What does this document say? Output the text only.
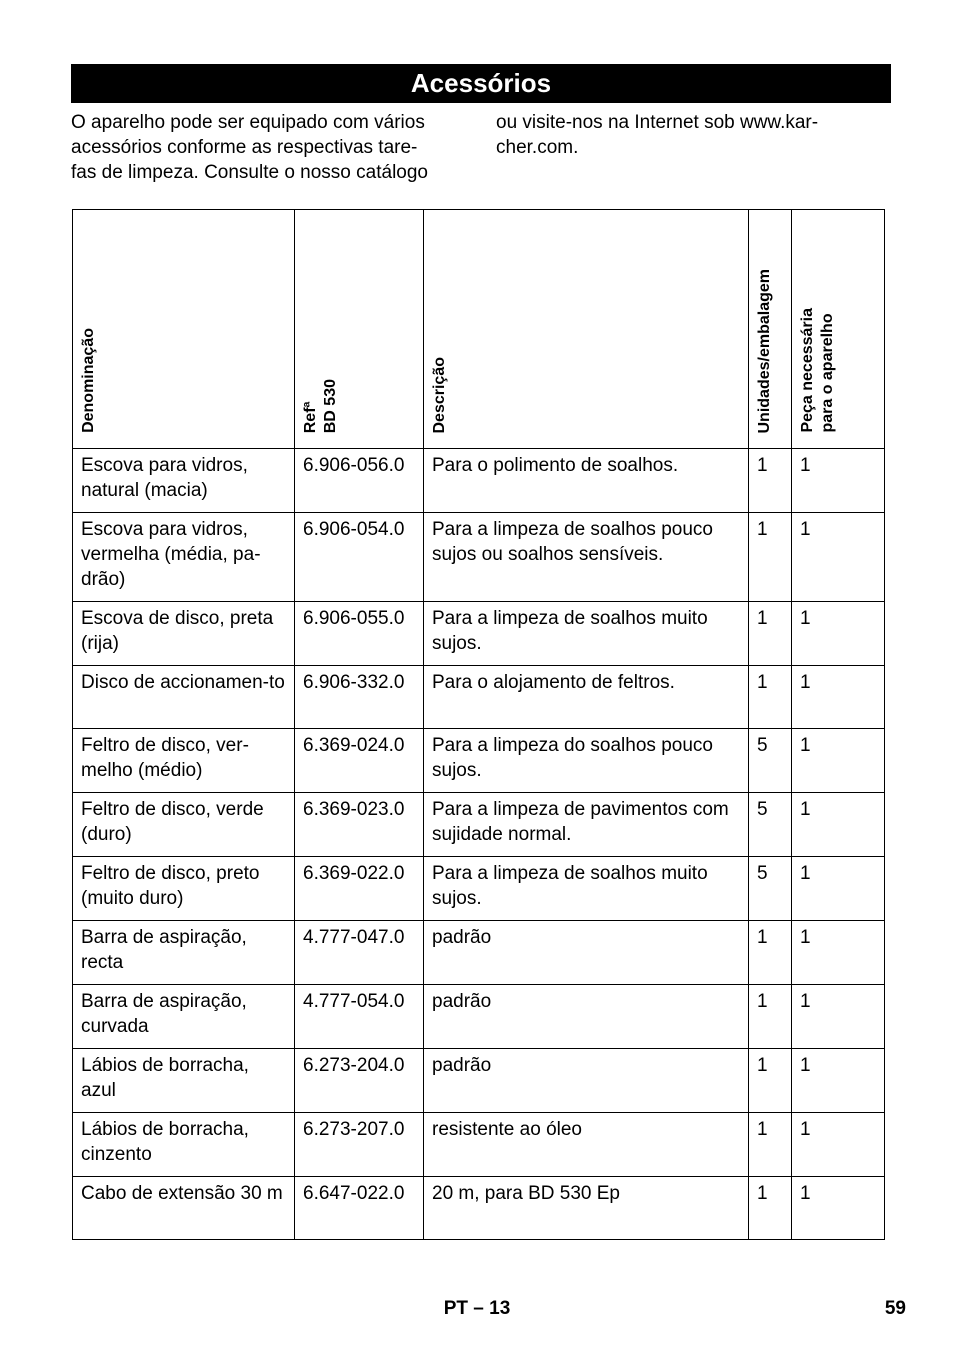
Acessórios
O aparelho pode ser equipado com vários
acessórios conforme as respectivas tare-
fas de limpeza. Consulte o nosso catálogo
ou visite-nos na Internet sob www.kar-
cher.com.
Denominação	Refª BD 530	Descrição	Unidades/embalagem	Peça necessária para o aparelho

Escova para vidros, natural (macia)	6.906-056.0	Para o polimento de soalhos.	1	1
Escova para vidros, vermelha (média, pa-drão)	6.906-054.0	Para a limpeza de soalhos pouco sujos ou soalhos sensíveis.	1	1
Escova de disco, preta (rija)	6.906-055.0	Para a limpeza de soalhos muito sujos.	1	1
Disco de accionamen-to	6.906-332.0	Para o alojamento de feltros.	1	1
Feltro de disco, ver-melho (médio)	6.369-024.0	Para a limpeza do soalhos pouco sujos.	5	1
Feltro de disco, verde (duro)	6.369-023.0	Para a limpeza de pavimentos com sujidade normal.	5	1
Feltro de disco, preto (muito duro)	6.369-022.0	Para a limpeza de soalhos muito sujos.	5	1
Barra de aspiração, recta	4.777-047.0	padrão	1	1
Barra de aspiração, curvada	4.777-054.0	padrão	1	1
Lábios de borracha, azul	6.273-204.0	padrão	1	1
Lábios de borracha, cinzento	6.273-207.0	resistente ao óleo	1	1
Cabo de extensão 30 m	6.647-022.0	20 m, para BD 530 Ep	1	1
PT – 13	59
